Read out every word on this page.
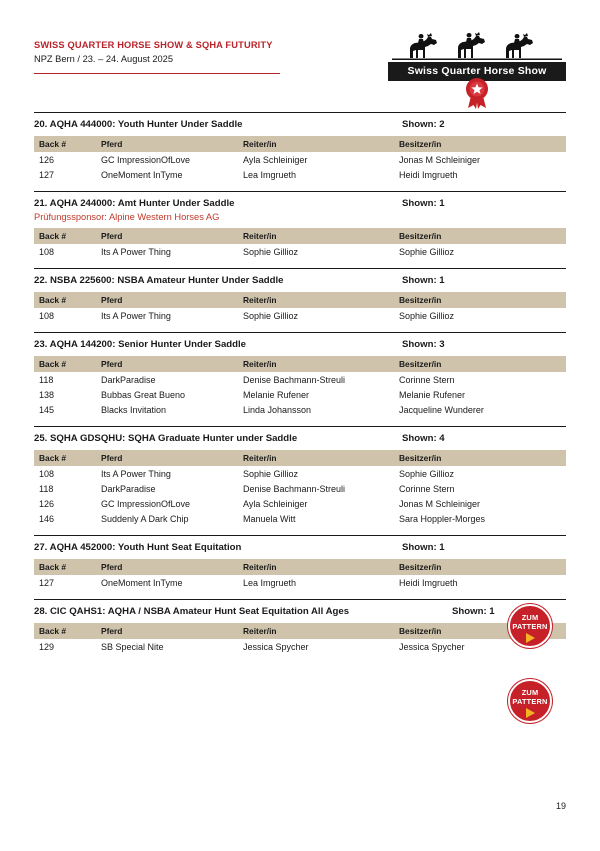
SWISS QUARTER HORSE SHOW & SQHA FUTURITY
NPZ Bern / 23. – 24. August 2025
Swiss Quarter Horse Show
20. AQHA 444000: Youth Hunter Under Saddle	Shown: 2
Back #	Pferd	Reiter/in	Besitzer/in
126	GC ImpressionOfLove	Ayla Schleiniger	Jonas M Schleiniger
127	OneMoment InTyme	Lea Imgrueth	Heidi Imgrueth
21. AQHA 244000: Amt Hunter Under Saddle	Shown: 1
Prüfungssponsor: Alpine Western Horses AG
Back #	Pferd	Reiter/in	Besitzer/in
108	Its A Power Thing	Sophie Gillioz	Sophie Gillioz
22. NSBA 225600: NSBA Amateur Hunter Under Saddle	Shown: 1
Back #	Pferd	Reiter/in	Besitzer/in
108	Its A Power Thing	Sophie Gillioz	Sophie Gillioz
23. AQHA 144200: Senior Hunter Under Saddle	Shown: 3
Back #	Pferd	Reiter/in	Besitzer/in
118	DarkParadise	Denise Bachmann-Streuli	Corinne Stern
138	Bubbas Great Bueno	Melanie Rufener	Melanie Rufener
145	Blacks Invitation	Linda Johansson	Jacqueline Wunderer
25. SQHA GDSQHU: SQHA Graduate Hunter under Saddle	Shown: 4
Back #	Pferd	Reiter/in	Besitzer/in
108	Its A Power Thing	Sophie Gillioz	Sophie Gillioz
118	DarkParadise	Denise Bachmann-Streuli	Corinne Stern
126	GC ImpressionOfLove	Ayla Schleiniger	Jonas M Schleiniger
146	Suddenly A Dark Chip	Manuela Witt	Sara Hoppler-Morges
27. AQHA 452000: Youth Hunt Seat Equitation	Shown: 1
Back #	Pferd	Reiter/in	Besitzer/in
127	OneMoment InTyme	Lea Imgrueth	Heidi Imgrueth
28. CIC QAHS1: AQHA / NSBA Amateur Hunt Seat Equitation All Ages	Shown: 1
Back #	Pferd	Reiter/in	Besitzer/in
129	SB Special Nite	Jessica Spycher	Jessica Spycher
ZUM
PATTERN
ZUM
PATTERN
19
